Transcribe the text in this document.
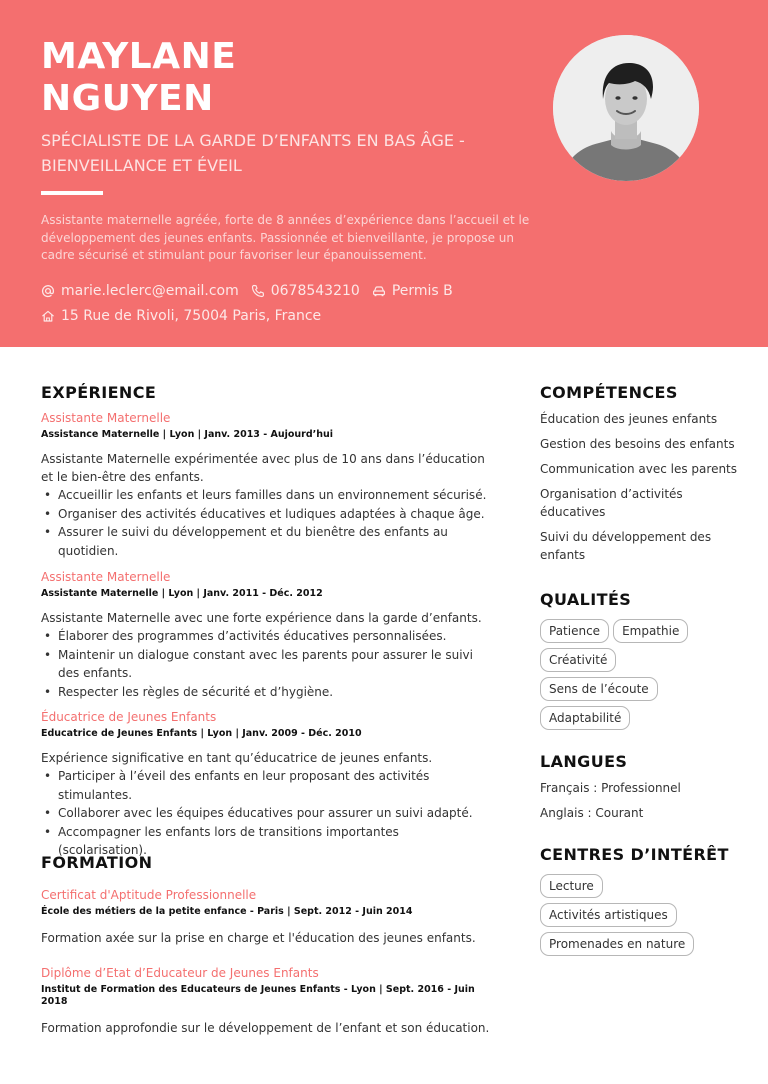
MAYLANE
NGUYEN
SPÉCIALISTE DE LA GARDE D’ENFANTS EN BAS ÂGE -
BIENVEILLANCE ET ÉVEIL
Assistante maternelle agréée, forte de 8 années d’expérience dans l’accueil et le développement des jeunes enfants. Passionnée et bienveillante, je propose un cadre sécurisé et stimulant pour favoriser leur épanouissement.
marie.leclerc@email.com 0678543210 Permis B
15 Rue de Rivoli, 75004 Paris, France
EXPÉRIENCE
Assistante Maternelle
Assistance Maternelle | Lyon | Janv. 2013 - Aujourd’hui
Assistante Maternelle expérimentée avec plus de 10 ans dans l’éducation et le bien-être des enfants.
• Accueillir les enfants et leurs familles dans un environnement sécurisé.
• Organiser des activités éducatives et ludiques adaptées à chaque âge.
• Assurer le suivi du développement et du bienêtre des enfants au quotidien.
Assistante Maternelle
Assistante Maternelle | Lyon | Janv. 2011 - Déc. 2012
Assistante Maternelle avec une forte expérience dans la garde d’enfants.
• Élaborer des programmes d’activités éducatives personnalisées.
• Maintenir un dialogue constant avec les parents pour assurer le suivi des enfants.
• Respecter les règles de sécurité et d’hygiène.
Éducatrice de Jeunes Enfants
Educatrice de Jeunes Enfants | Lyon | Janv. 2009 - Déc. 2010
Expérience significative en tant qu’éducatrice de jeunes enfants.
• Participer à l’éveil des enfants en leur proposant des activités stimulantes.
• Collaborer avec les équipes éducatives pour assurer un suivi adapté.
• Accompagner les enfants lors de transitions importantes (scolarisation).
FORMATION
Certificat d'Aptitude Professionnelle
École des métiers de la petite enfance - Paris | Sept. 2012 - Juin 2014
Formation axée sur la prise en charge et l'éducation des jeunes enfants.
Diplôme d’Etat d’Educateur de Jeunes Enfants
Institut de Formation des Educateurs de Jeunes Enfants - Lyon | Sept. 2016 - Juin 2018
Formation approfondie sur le développement de l’enfant et son éducation.
COMPÉTENCES
Éducation des jeunes enfants
Gestion des besoins des enfants
Communication avec les parents
Organisation d’activités éducatives
Suivi du développement des enfants
QUALITÉS
Patience	Empathie
Créativité
Sens de l’écoute
Adaptabilité
LANGUES
Français : Professionnel
Anglais : Courant
CENTRES D’INTÉRÊT
Lecture
Activités artistiques
Promenades en nature
